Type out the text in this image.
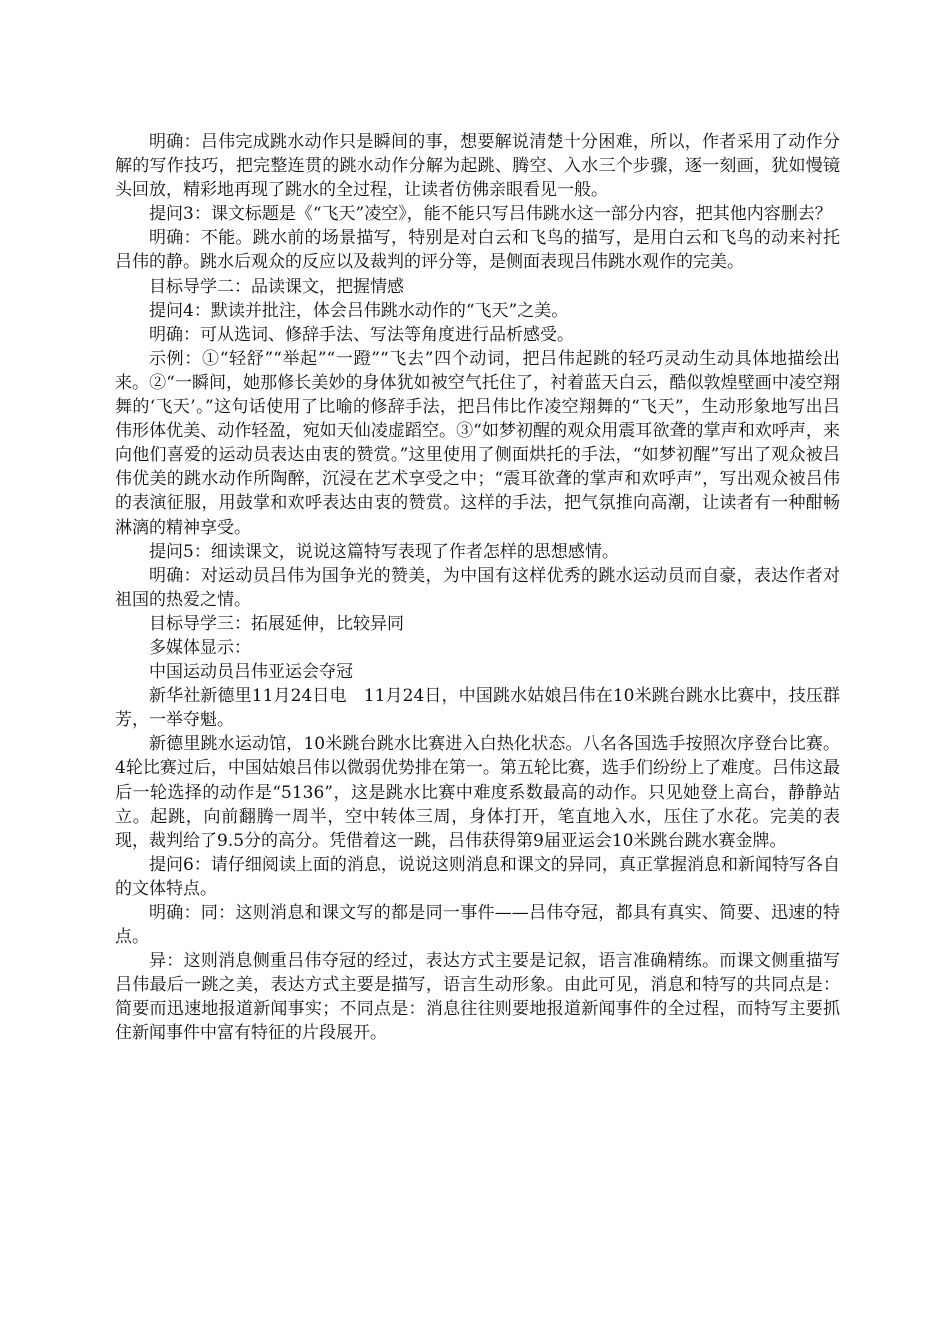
明确：吕伟完成跳水动作只是瞬间的事，想要解说清楚十分困难，所以，作者采用了动作分解的写作技巧，把完整连贯的跳水动作分解为起跳、腾空、入水三个步骤，逐一刻画，犹如慢镜头回放，精彩地再现了跳水的全过程，让读者仿佛亲眼看见一般。

提问3：课文标题是《“飞天”凌空》，能不能只写吕伟跳水这一部分内容，把其他内容删去？

明确：不能。跳水前的场景描写，特别是对白云和飞鸟的描写，是用白云和飞鸟的动来衬托吕伟的静。跳水后观众的反应以及裁判的评分等，是侧面表现吕伟跳水观作的完美。

目标导学二：品读课文，把握情感

提问4：默读并批注，体会吕伟跳水动作的“飞天”之美。

明确：可从选词、修辞手法、写法等角度进行品析感受。

示例：①“轻舒”“举起”“一蹬”“飞去”四个动词，把吕伟起跳的轻巧灵动生动具体地描绘出来。②“一瞬间，她那修长美妙的身体犹如被空气托住了，衬着蓝天白云，酷似敦煌壁画中凌空翔舞的‘飞天’。”这句话使用了比喻的修辞手法，把吕伟比作凌空翔舞的“飞天”，生动形象地写出吕伟形体优美、动作轻盈，宛如天仙凌虚蹈空。③“如梦初醒的观众用震耳欲聋的掌声和欢呼声，来向他们喜爱的运动员表达由衷的赞赏。”这里使用了侧面烘托的手法，“如梦初醒”写出了观众被吕伟优美的跳水动作所陶醉，沉浸在艺术享受之中；“震耳欲聋的掌声和欢呼声”，写出观众被吕伟的表演征服，用鼓掌和欢呼表达由衷的赞赏。这样的手法，把气氛推向高潮，让读者有一种酣畅淋漓的精神享受。

提问5：细读课文，说说这篇特写表现了作者怎样的思想感情。

明确：对运动员吕伟为国争光的赞美，为中国有这样优秀的跳水运动员而自豪，表达作者对祖国的热爱之情。

目标导学三：拓展延伸，比较异同

多媒体显示：

中国运动员吕伟亚运会夺冠

新华社新德里11月24日电　11月24日，中国跳水姑娘吕伟在10米跳台跳水比赛中，技压群芳，一举夺魁。

新德里跳水运动馆，10米跳台跳水比赛进入白热化状态。八名各国选手按照次序登台比赛。4轮比赛过后，中国姑娘吕伟以微弱优势排在第一。第五轮比赛，选手们纷纷上了难度。吕伟这最后一轮选择的动作是“5136”，这是跳水比赛中难度系数最高的动作。只见她登上高台，静静站立。起跳，向前翻腾一周半，空中转体三周，身体打开，笔直地入水，压住了水花。完美的表现，裁判给了9.5分的高分。凭借着这一跳，吕伟获得第9届亚运会10米跳台跳水赛金牌。

提问6：请仔细阅读上面的消息，说说这则消息和课文的异同，真正掌握消息和新闻特写各自的文体特点。

明确：同：这则消息和课文写的都是同一事件——吕伟夺冠，都具有真实、简要、迅速的特点。

异：这则消息侧重吕伟夺冠的经过，表达方式主要是记叙，语言准确精练。而课文侧重描写吕伟最后一跳之美，表达方式主要是描写，语言生动形象。由此可见，消息和特写的共同点是：简要而迅速地报道新闻事实；不同点是：消息往往则要地报道新闻事件的全过程，而特写主要抓住新闻事件中富有特征的片段展开。
